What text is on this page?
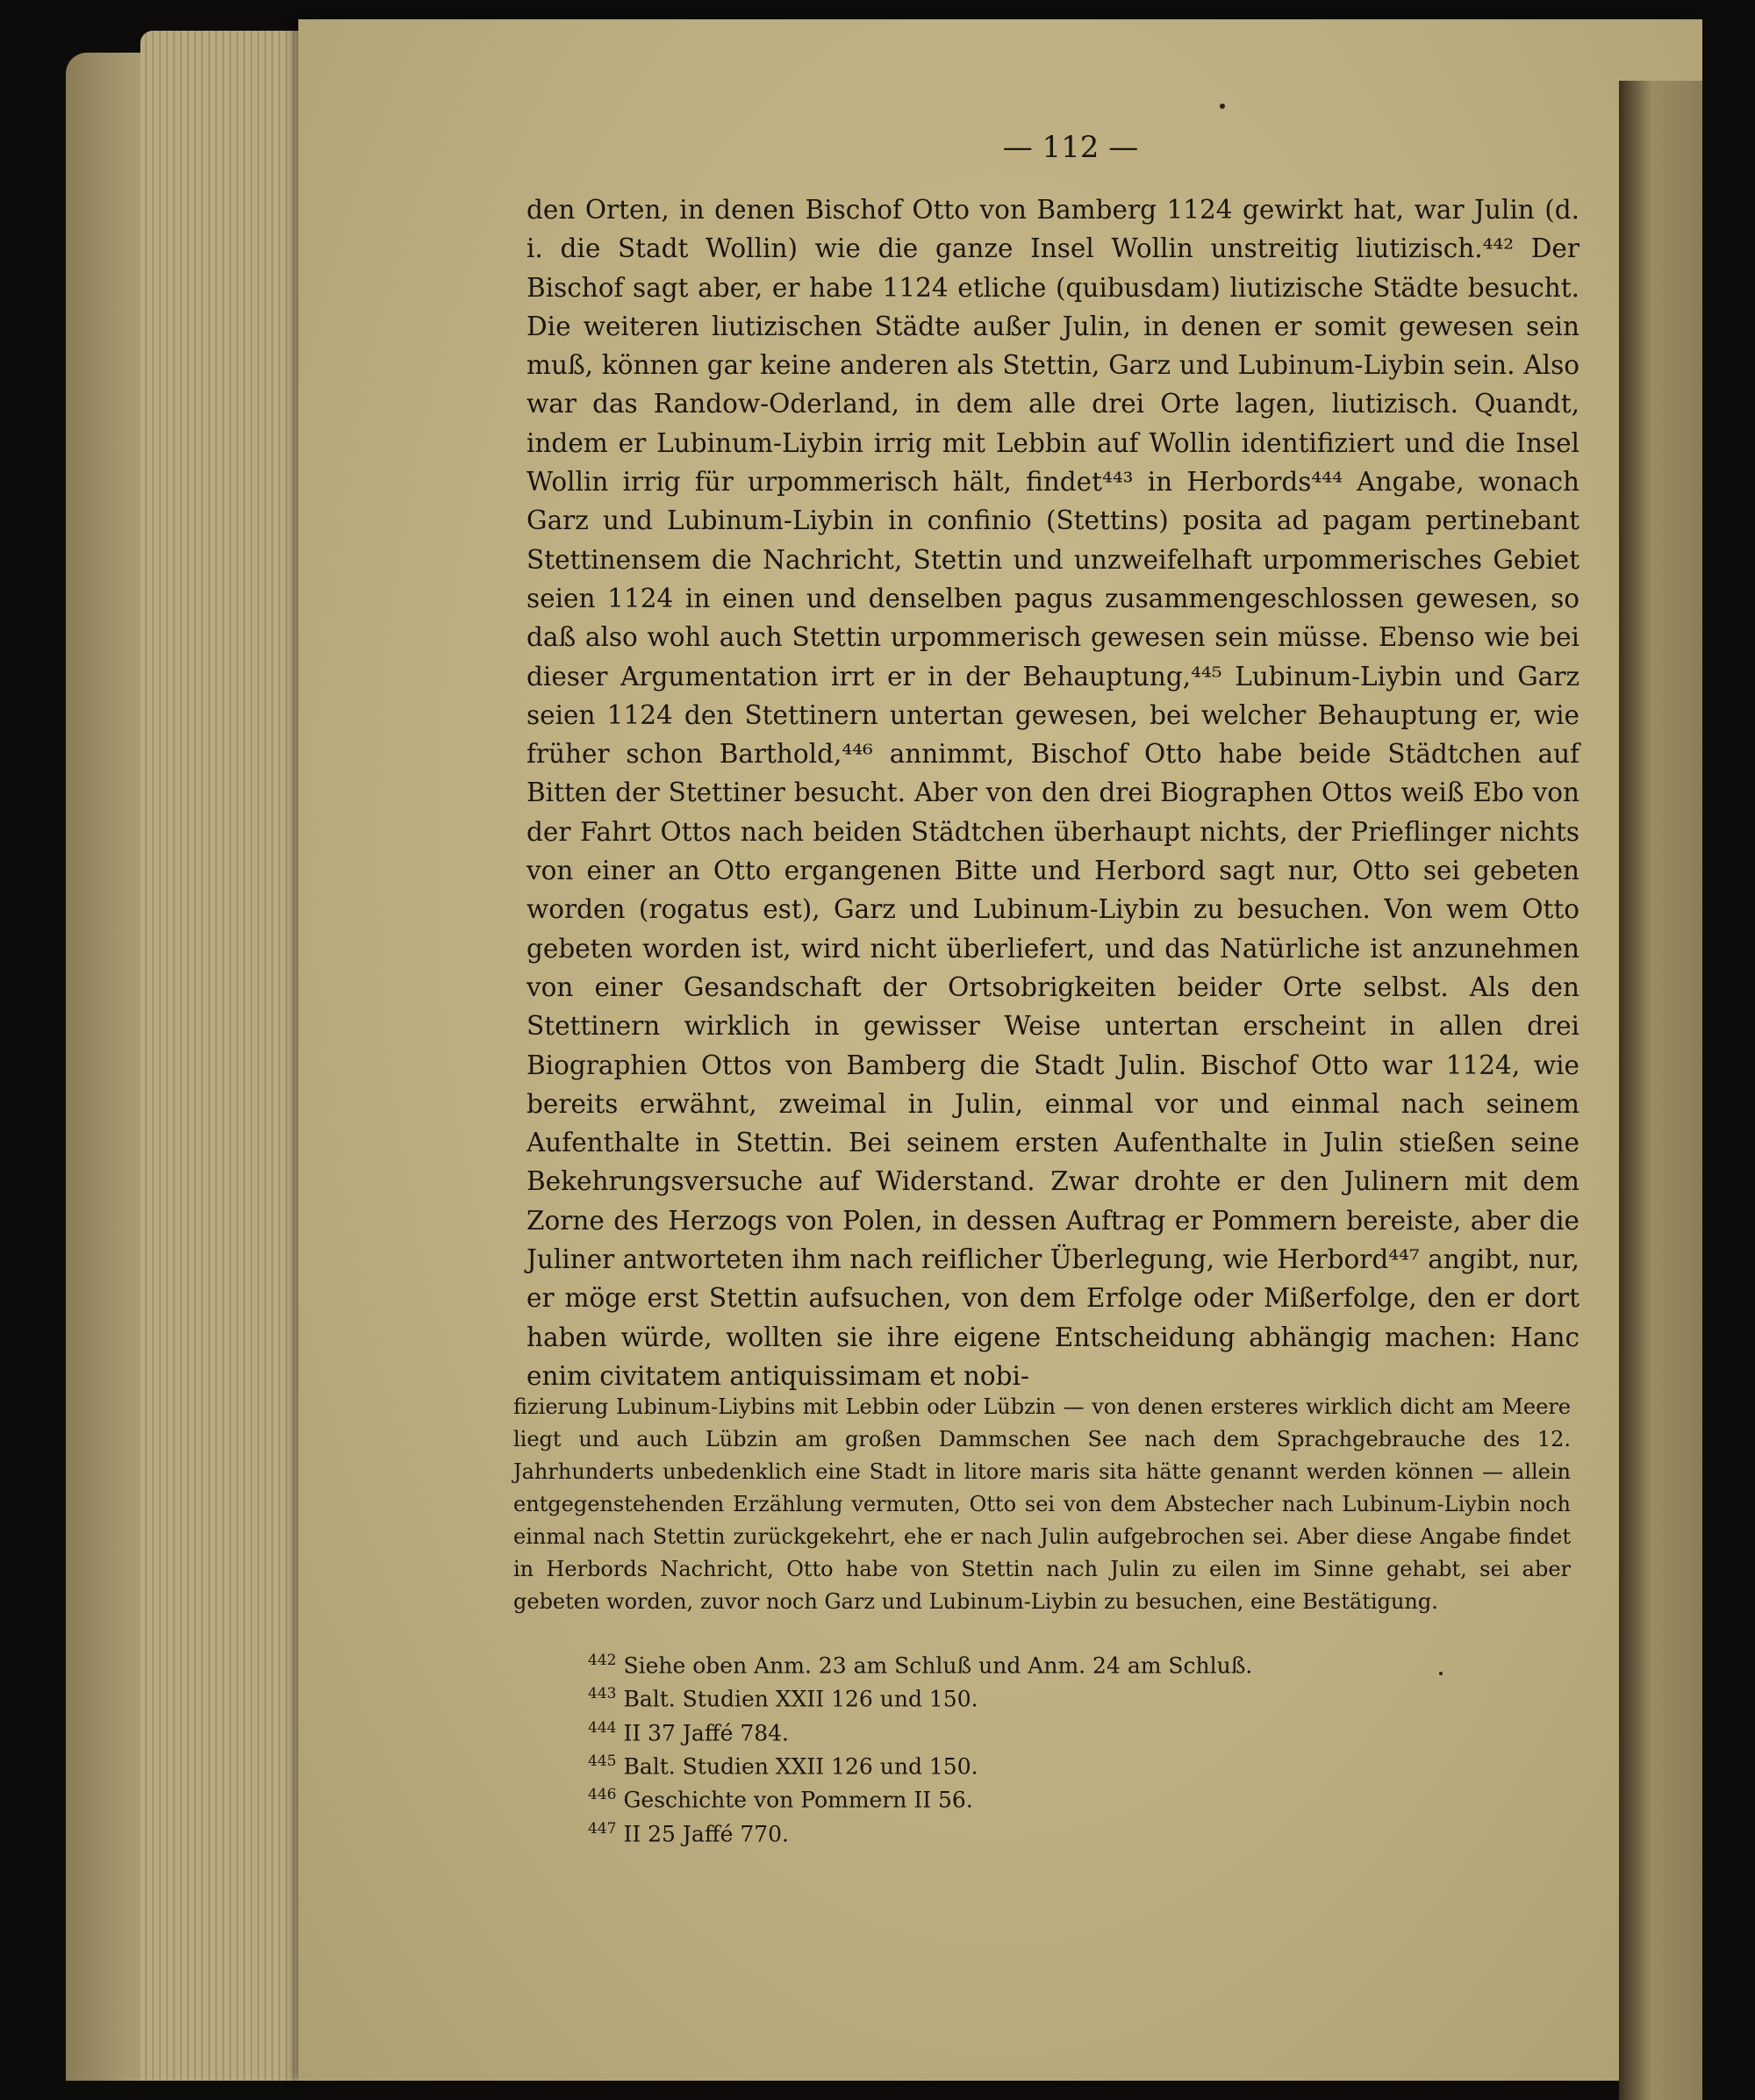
— 112 —

den Orten, in denen Bischof Otto von Bamberg 1124 gewirkt hat, war Julin (d. i. die Stadt Wollin) wie die ganze Insel Wollin unstreitig liutizisch.⁴⁴² Der Bischof sagt aber, er habe 1124 etliche (quibusdam) liutizische Städte besucht. Die weiteren liutizischen Städte außer Julin, in denen er somit gewesen sein muß, können gar keine anderen als Stettin, Garz und Lubinum-Liybin sein. Also war das Randow-Oderland, in dem alle drei Orte lagen, liutizisch. Quandt, indem er Lubinum-Liybin irrig mit Lebbin auf Wollin identifiziert und die Insel Wollin irrig für urpommerisch hält, findet⁴⁴³ in Herbords⁴⁴⁴ Angabe, wonach Garz und Lubinum-Liybin in confinio (Stettins) posita ad pagam pertinebant Stettinensem die Nachricht, Stettin und unzweifelhaft urpommerisches Gebiet seien 1124 in einen und denselben pagus zusammengeschlossen gewesen, so daß also wohl auch Stettin urpommerisch gewesen sein müsse. Ebenso wie bei dieser Argumentation irrt er in der Behauptung,⁴⁴⁵ Lubinum-Liybin und Garz seien 1124 den Stettinern untertan gewesen, bei welcher Behauptung er, wie früher schon Barthold,⁴⁴⁶ annimmt, Bischof Otto habe beide Städtchen auf Bitten der Stettiner besucht. Aber von den drei Biographen Ottos weiß Ebo von der Fahrt Ottos nach beiden Städtchen überhaupt nichts, der Prieflinger nichts von einer an Otto ergangenen Bitte und Herbord sagt nur, Otto sei gebeten worden (rogatus est), Garz und Lubinum-Liybin zu besuchen. Von wem Otto gebeten worden ist, wird nicht überliefert, und das Natürliche ist anzunehmen von einer Gesandschaft der Ortsobrigkeiten beider Orte selbst. Als den Stettinern wirklich in gewisser Weise untertan erscheint in allen drei Biographien Ottos von Bamberg die Stadt Julin. Bischof Otto war 1124, wie bereits erwähnt, zweimal in Julin, einmal vor und einmal nach seinem Aufenthalte in Stettin. Bei seinem ersten Aufenthalte in Julin stießen seine Bekehrungsversuche auf Widerstand. Zwar drohte er den Julinern mit dem Zorne des Herzogs von Polen, in dessen Auftrag er Pommern bereiste, aber die Juliner antworteten ihm nach reiflicher Überlegung, wie Herbord⁴⁴⁷ angibt, nur, er möge erst Stettin aufsuchen, von dem Erfolge oder Mißerfolge, den er dort haben würde, wollten sie ihre eigene Entscheidung abhängig machen: Hanc enim civitatem antiquissimam et nobi-

fizierung Lubinum-Liybins mit Lebbin oder Lübzin — von denen ersteres wirklich dicht am Meere liegt und auch Lübzin am großen Dammschen See nach dem Sprachgebrauche des 12. Jahrhunderts unbedenklich eine Stadt in litore maris sita hätte genannt werden können — allein entgegenstehenden Erzählung vermuten, Otto sei von dem Abstecher nach Lubinum-Liybin noch einmal nach Stettin zurückgekehrt, ehe er nach Julin aufgebrochen sei. Aber diese Angabe findet in Herbords Nachricht, Otto habe von Stettin nach Julin zu eilen im Sinne gehabt, sei aber gebeten worden, zuvor noch Garz und Lubinum-Liybin zu besuchen, eine Bestätigung.

$^{442}$ Siehe oben Anm. 23 am Schluß und Anm. 24 am Schluß.
$^{443}$ Balt. Studien XXII 126 und 150.
$^{444}$ II 37 Jaffé 784.
$^{445}$ Balt. Studien XXII 126 und 150.
$^{446}$ Geschichte von Pommern II 56.
$^{447}$ II 25 Jaffé 770.
